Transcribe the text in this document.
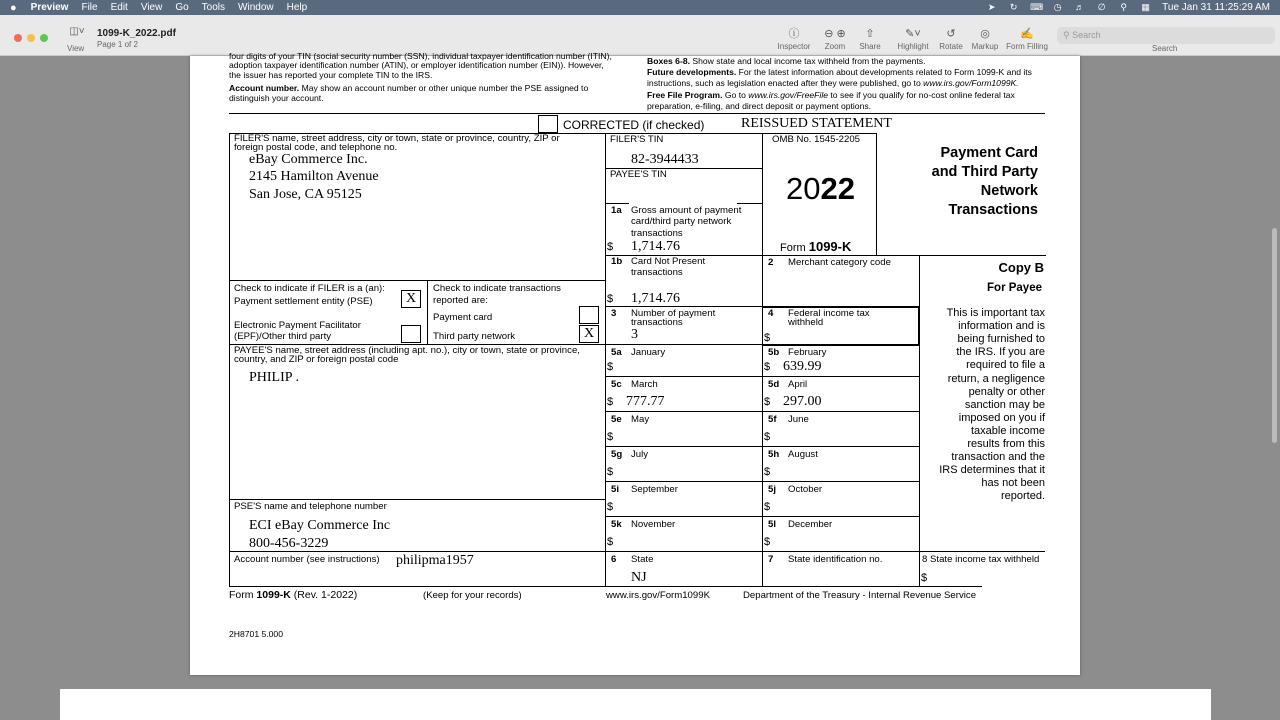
● Preview File Edit View Go Tools Window Help	➤ ↻ ⌨ ◷ ♬ ∅ ⚲ ▦ Tue Jan 31 11:25:29 AM
◫˅
View
1099-K_2022.pdf
Page 1 of 2
ⓘ
Inspector
⊖ ⊕
Zoom
⇧
Share
✎˅
Highlight
↺
Rotate
◎
Markup
✍
Form Filling
⚲ Search
Search
four digits of your TIN (social security number (SSN), individual taxpayer identification number (ITIN),
adoption taxpayer identification number (ATIN), or employer identification number (EIN)). However,
the issuer has reported your complete TIN to the IRS.
Account number. May show an account number or other unique number the PSE assigned to
distinguish your account.
Boxes 6-8. Show state and local income tax withheld from the payments.
Future developments. For the latest information about developments related to Form 1099-K and its
instructions, such as legislation enacted after they were published, go to www.irs.gov/Form1099K.
Free File Program. Go to www.irs.gov/FreeFile to see if you qualify for no-cost online federal tax
preparation, e-filing, and direct deposit or payment options.
CORRECTED (if checked)	REISSUED STATEMENT
FILER'S name, street address, city or town, state or province, country, ZIP or
foreign postal code, and telephone no.
eBay Commerce Inc.
2145 Hamilton Avenue
San Jose, CA 95125
FILER'S TIN
82-3944433
PAYEE'S TIN
OMB No. 1545-2205
2022
Form 1099-K
Payment Card
and Third Party
Network
Transactions
1a Gross amount of payment
card/third party network
transactions
$ 1,714.76
1b Card Not Present
transactions
$ 1,714.76
2 Merchant category code
3 Number of payment
transactions
3
4 Federal income tax
withheld
$
Check to indicate if FILER is a (an):
Payment settlement entity (PSE)	X
Electronic Payment Facilitator
(EPF)/Other third party
Check to indicate transactions
reported are:
Payment card
Third party network	X
PAYEE'S name, street address (including apt. no.), city or town, state or province,
country, and ZIP or foreign postal code
PHILIP .
5a January
$
5b February
$ 639.99
5c March
$ 777.77
5d April
$ 297.00
5e May
$
5f June
$
5g July
$
5h August
$
5i September
$
5j October
$
5k November
$
5l December
$
PSE'S name and telephone number
ECI eBay Commerce Inc
800-456-3229
Account number (see instructions) philipma1957	6 State
NJ
7 State identification no.	8 State income tax withheld
$
Copy B
For Payee
This is important tax
information and is
being furnished to
the IRS. If you are
required to file a
return, a negligence
penalty or other
sanction may be
imposed on you if
taxable income
results from this
transaction and the
IRS determines that it
has not been
reported.
Form 1099-K (Rev. 1-2022)	(Keep for your records)	www.irs.gov/Form1099K	Department of the Treasury - Internal Revenue Service
2H8701 5.000
